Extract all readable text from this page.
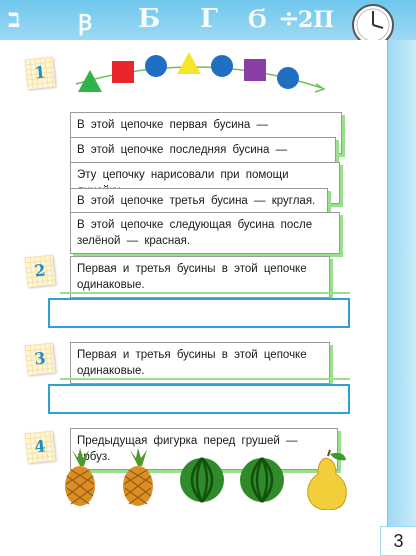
ב	Ꞵ Б Г Ϭ ÷
2П
1
В этой цепочке первая бусина —
В этой цепочке последняя бусина —
Эту цепочку нарисовали при помощи
В этой цепочке третья бусина — круглая.
В этой цепочке следующая бусина после зелёной — красная.
2	Первая и третья бусины в этой цепочке одинаковые.
3	Первая и третья бусины в этой цепочке одинаковые.
4	Предыдущая фигурка перед грушей — арбуз.
3
